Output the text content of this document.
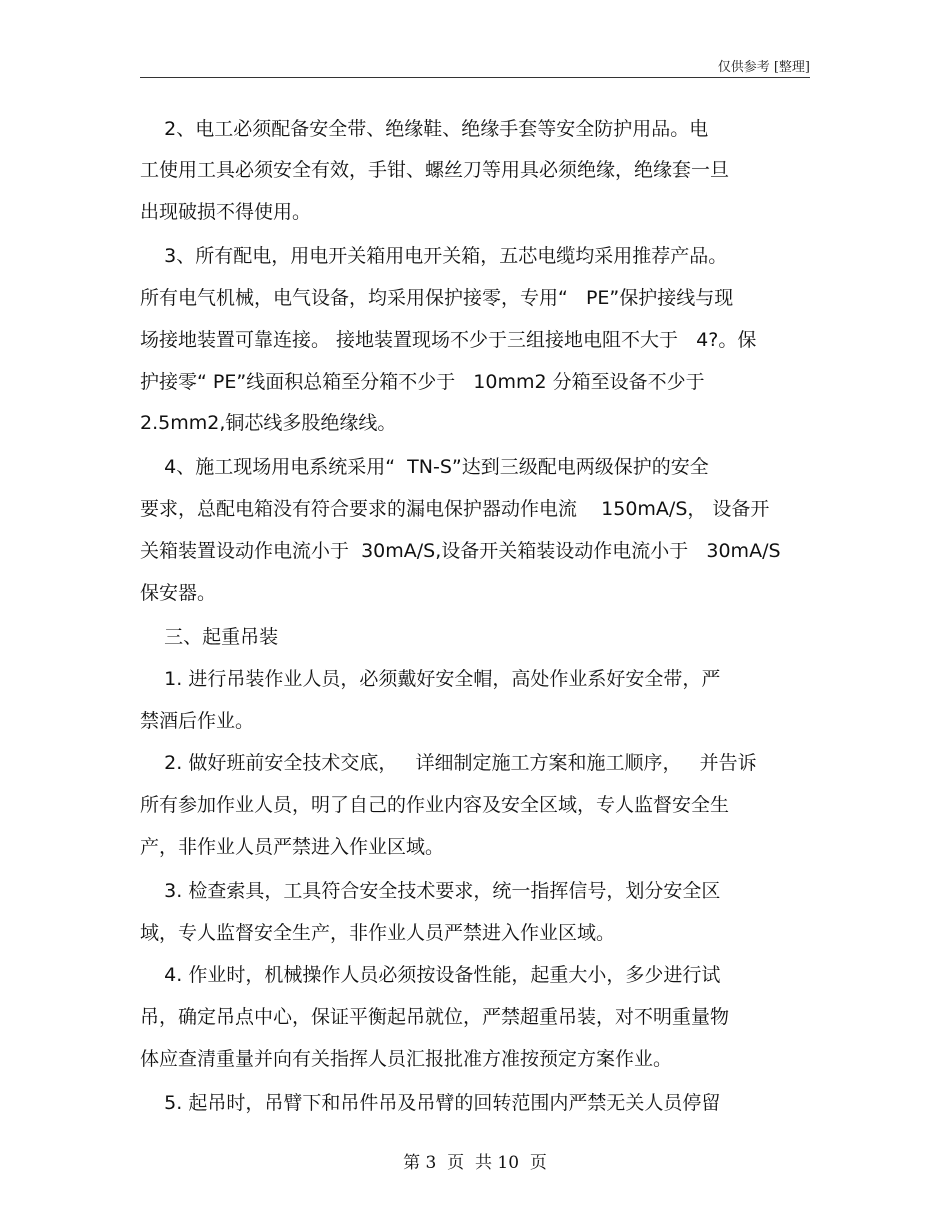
仅供参考 [整理]
2、电工必须配备安全带、绝缘鞋、绝缘手套等安全防护用品。电
工使用工具必须安全有效，手钳、螺丝刀等用具必须绝缘，绝缘套一旦
出现破损不得使用。
3、所有配电，用电开关箱用电开关箱，五芯电缆均采用推荐产品。
所有电气机械，电气设备，均采用保护接零，专用“   PE”保护接线与现
场接地装置可靠连接。 接地装置现场不少于三组接地电阻不大于   4?。保
护接零“ PE”线面积总箱至分箱不少于   10mm2 分箱至设备不少于
2.5mm2,铜芯线多股绝缘线。
4、施工现场用电系统采用“  TN-S”达到三级配电两级保护的安全
要求，总配电箱没有符合要求的漏电保护器动作电流    150mA/S， 设备开
关箱装置设动作电流小于  30mA/S,设备开关箱装设动作电流小于   30mA/S
保安器。
三、起重吊装
1. 进行吊装作业人员，必须戴好安全帽，高处作业系好安全带，严
禁酒后作业。
2. 做好班前安全技术交底，   详细制定施工方案和施工顺序，   并告诉
所有参加作业人员，明了自己的作业内容及安全区域，专人监督安全生
产，非作业人员严禁进入作业区域。
3. 检查索具，工具符合安全技术要求，统一指挥信号，划分安全区
域，专人监督安全生产，非作业人员严禁进入作业区域。
4. 作业时，机械操作人员必须按设备性能，起重大小，多少进行试
吊，确定吊点中心，保证平衡起吊就位，严禁超重吊装，对不明重量物
体应查清重量并向有关指挥人员汇报批准方准按预定方案作业。
5. 起吊时，吊臂下和吊件吊及吊臂的回转范围内严禁无关人员停留
第 3  页  共 10  页
